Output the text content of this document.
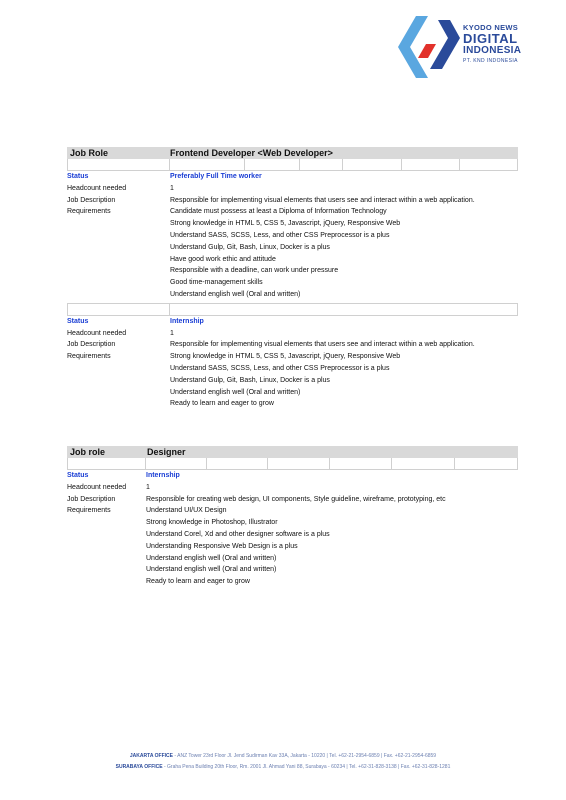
KYODO NEWS
DIGITAL
INDONESIA
PT. KND INDONESIA
Job Role	Frontend Developer <Web Developer>
Status	Preferably Full Time worker
Headcount needed	1
Job Description	Responsible for implementing visual elements that users see and interact within a web application.
Requirements	Candidate must possess at least a Diploma of Information Technology
Strong knowledge in HTML 5, CSS 5, Javascript, jQuery, Responsive Web
Understand SASS, SCSS, Less, and other CSS Preprocessor is a plus
Understand Gulp, Git, Bash, Linux, Docker is a plus
Have good work ethic and attitude
Responsible with a deadline, can work under pressure
Good time-management skills
Understand english well (Oral and written)
Status	Internship
Headcount needed	1
Job Description	Responsible for implementing visual elements that users see and interact within a web application.
Requirements	Strong knowledge in HTML 5, CSS 5, Javascript, jQuery, Responsive Web
Understand SASS, SCSS, Less, and other CSS Preprocessor is a plus
Understand Gulp, Git, Bash, Linux, Docker is a plus
Understand english well (Oral and written)
Ready to learn and eager to grow
Job role	Designer
Status	Internship
Headcount needed	1
Job Description	Responsible for creating web design, UI components, Style guideline, wireframe, prototyping, etc
Requirements	Understand UI/UX Design
Strong knowledge in Photoshop, Illustrator
Understand Corel, Xd and other designer software is a plus
Understanding Responsive Web Design is a plus
Understand english well (Oral and written)
Understand english well (Oral and written)
Ready to learn and eager to grow
JAKARTA OFFICE - ANZ Tower 23rd Floor Jl. Jend Sudirman Kav 33A, Jakarta - 10220 | Tel. +62-21-2954-6859 | Fax. +62-21-2954-6859
SURABAYA OFFICE - Graha Pena Building 20th Floor, Rm. 2001 Jl. Ahmad Yani 88, Surabaya - 60234 | Tel. +62-31-828-3138 | Fax. +62-31-828-1281
